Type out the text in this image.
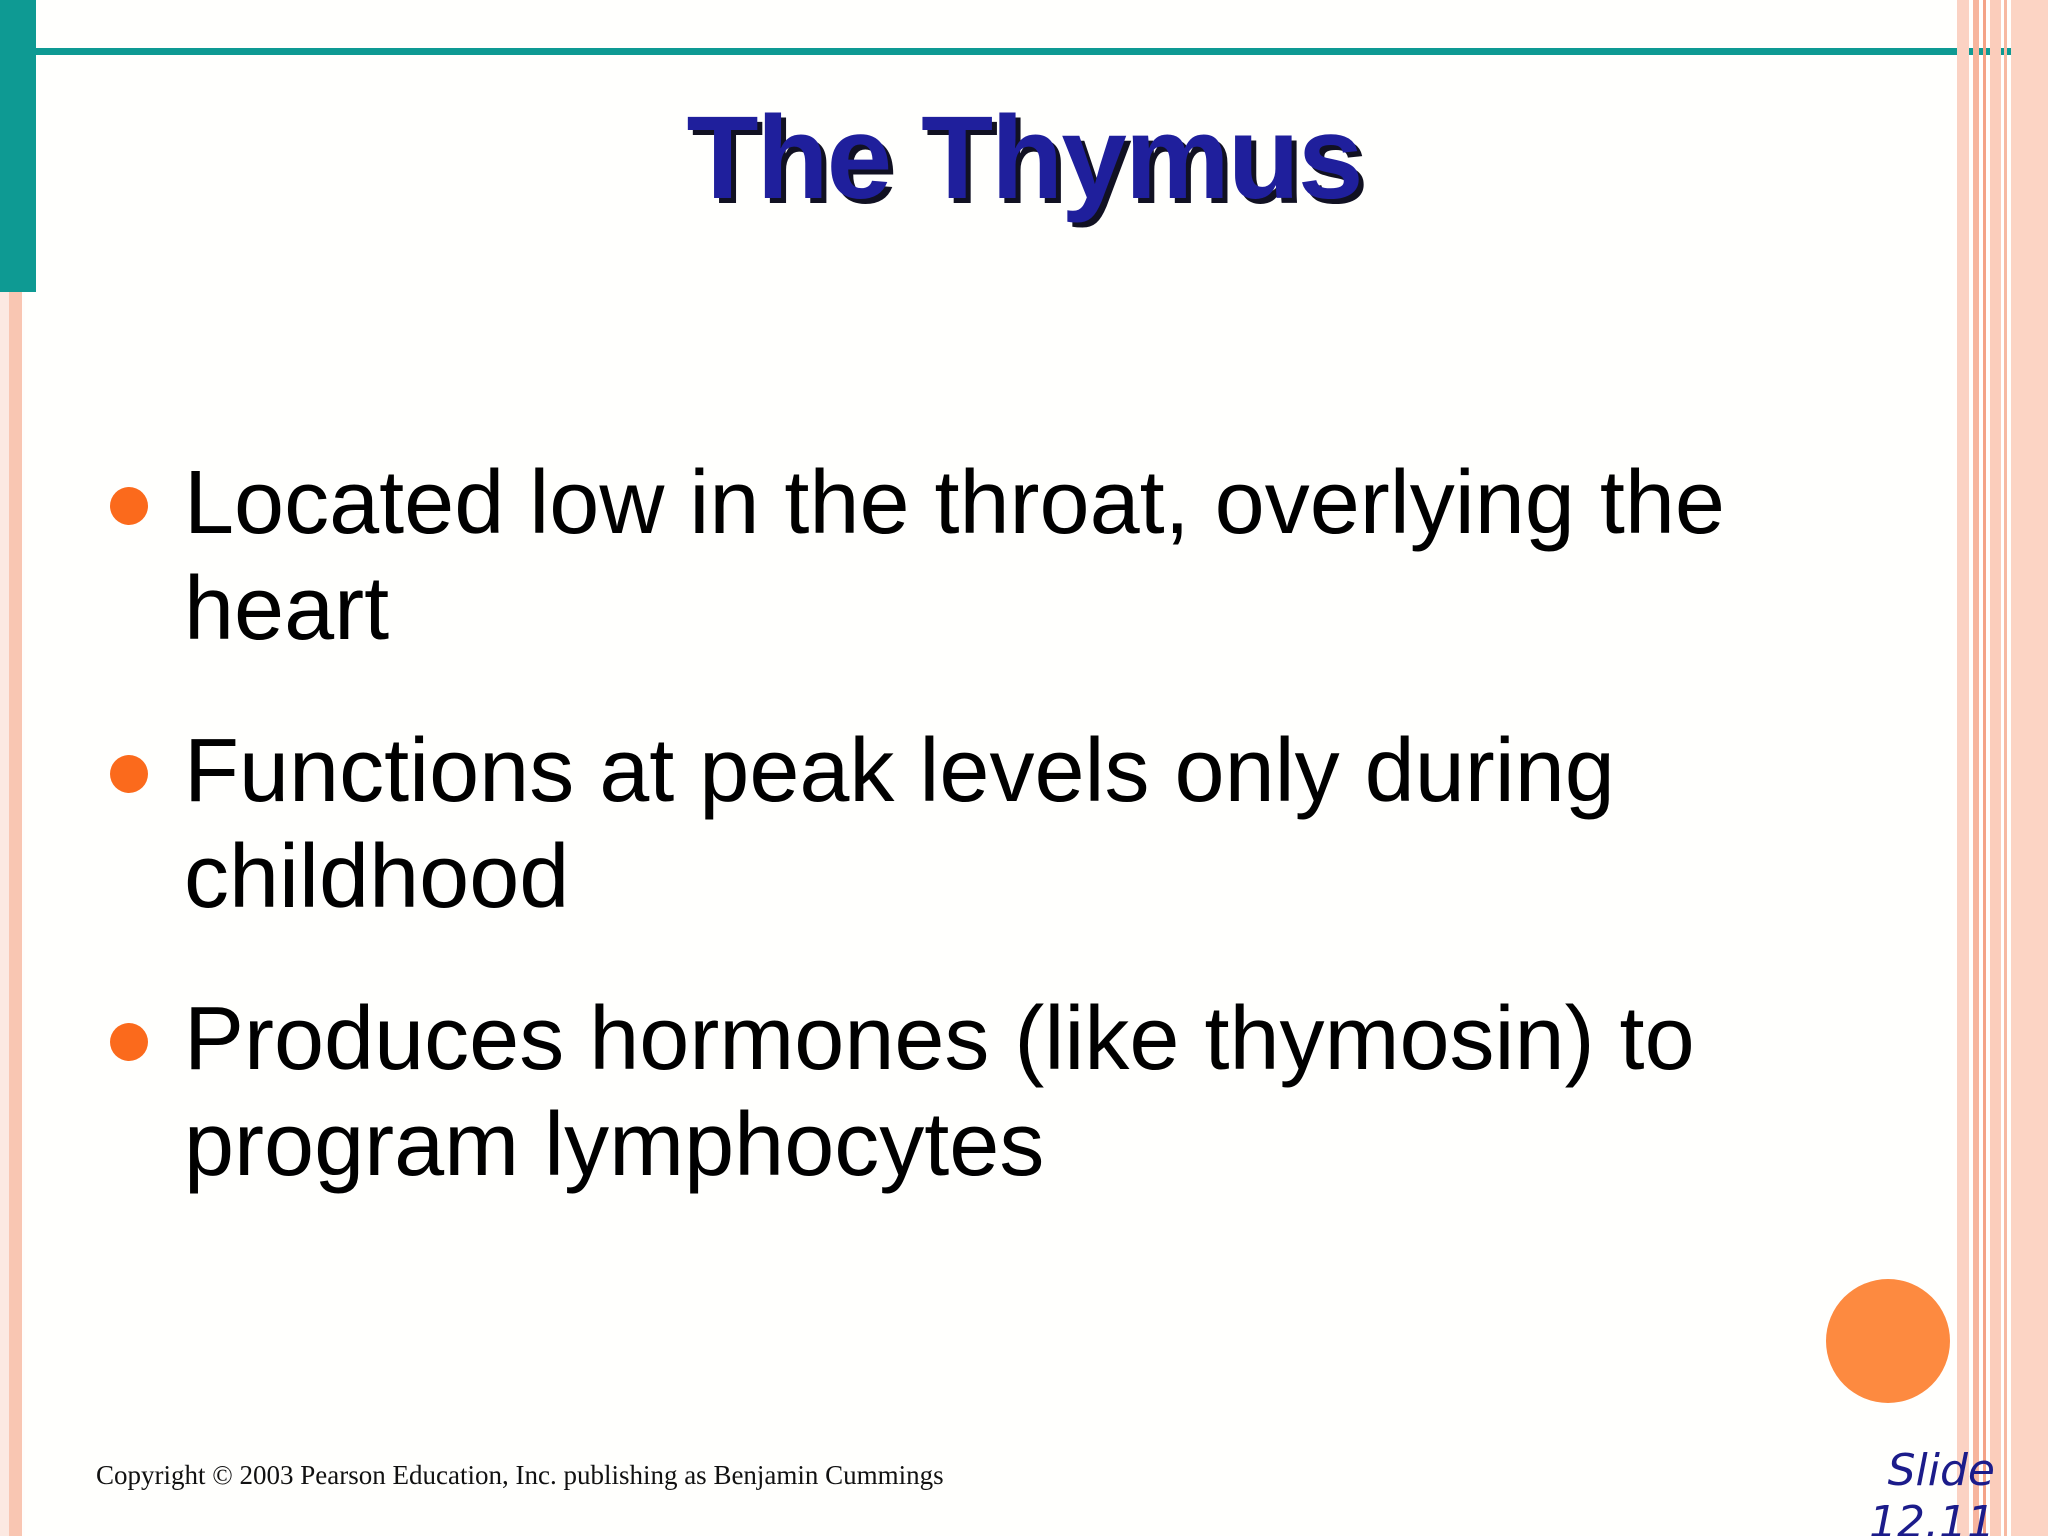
The Thymus
Located low in the throat, overlying the
heart
Functions at peak levels only during
childhood
Produces hormones (like thymosin) to
program lymphocytes
Copyright © 2003 Pearson Education, Inc. publishing as Benjamin Cummings	Slide
12.11
